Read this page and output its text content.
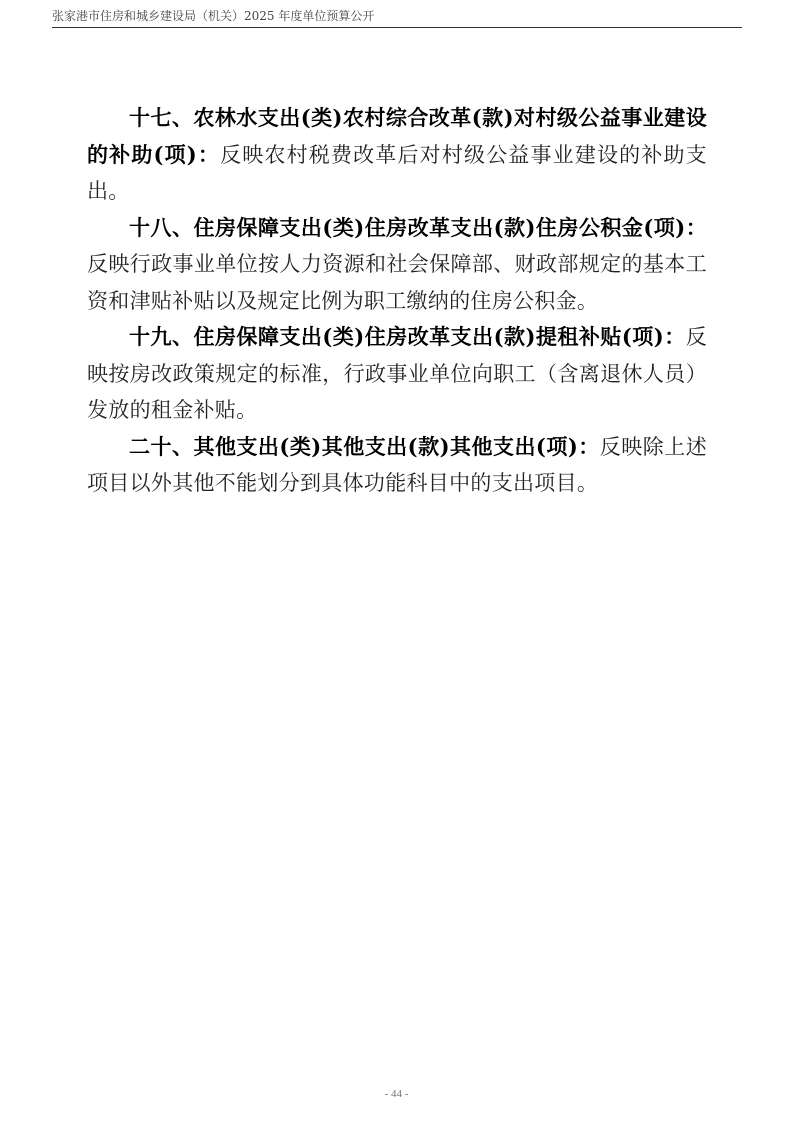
张家港市住房和城乡建设局（机关）2025 年度单位预算公开

十七、农林水支出(类)农村综合改革(款)对村级公益事业建设的补助(项)：反映农村税费改革后对村级公益事业建设的补助支出。

十八、住房保障支出(类)住房改革支出(款)住房公积金(项)：反映行政事业单位按人力资源和社会保障部、财政部规定的基本工资和津贴补贴以及规定比例为职工缴纳的住房公积金。

十九、住房保障支出(类)住房改革支出(款)提租补贴(项)：反映按房改政策规定的标准，行政事业单位向职工（含离退休人员）发放的租金补贴。

二十、其他支出(类)其他支出(款)其他支出(项)：反映除上述项目以外其他不能划分到具体功能科目中的支出项目。

- 44 -
